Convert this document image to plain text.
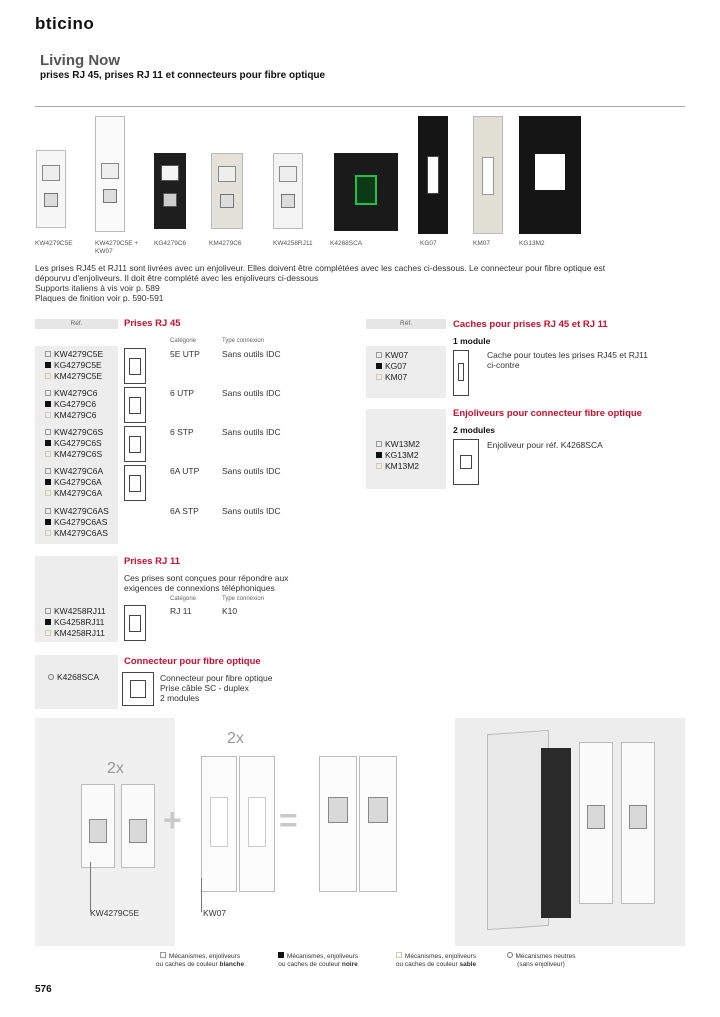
bticino
Living Now
prises RJ 45, prises RJ 11 et connecteurs pour fibre optique
KW4279C5E	KW4279C5E +
KW07
KG4279C6	KM4279C6	KW4258RJ11	K4268SCA	KG07	KM07	KG13M2
Les prises RJ45 et RJ11 sont livrées avec un enjoliveur. Elles doivent être complétées avec les caches ci-dessous. Le connecteur pour fibre optique est
dépourvu d'enjoliveurs. Il doit être complété avec les enjoliveurs ci-dessous
Supports italiens à vis voir p. 589
Plaques de finition voir p. 590-591
Réf.	Prises RJ 45
Catégorie	Type connexion
KW4279C5E
KG4279C5E
KM4279C5E
5E UTP	Sans outils IDC
KW4279C6
KG4279C6
KM4279C6
6 UTP	Sans outils IDC
KW4279C6S
KG4279C6S
KM4279C6S
6 STP	Sans outils IDC
KW4279C6A
KG4279C6A
KM4279C6A
6A UTP	Sans outils IDC
KW4279C6AS
KG4279C6AS
KM4279C6AS
6A STP	Sans outils IDC
Prises RJ 11
Ces prises sont conçues pour répondre aux
exigences de connexions téléphoniques
Catégorie	Type connexion
KW4258RJ11
KG4258RJ11
KM4258RJ11
RJ 11	K10
Connecteur pour fibre optique
K4268SCA	Connecteur pour fibre optique
Prise câble SC - duplex
2 modules
Réf.	Caches pour prises RJ 45 et RJ 11
1 module
KW07
KG07
KM07
Cache pour toutes les prises RJ45 et RJ11
ci-contre
Enjoliveurs pour connecteur fibre optique
2 modules
KW13M2
KG13M2
KM13M2
Enjoliveur pour réf. K4268SCA
2x
+
2x
=
KW4279C5E	KW07
Mécanismes, enjoliveurs
ou caches de couleur blanche
Mécanismes, enjoliveurs
ou caches de couleur noire
Mécanismes, enjoliveurs
ou caches de couleur sable
Mécanismes neutres
(sans enjoliveur)
576
